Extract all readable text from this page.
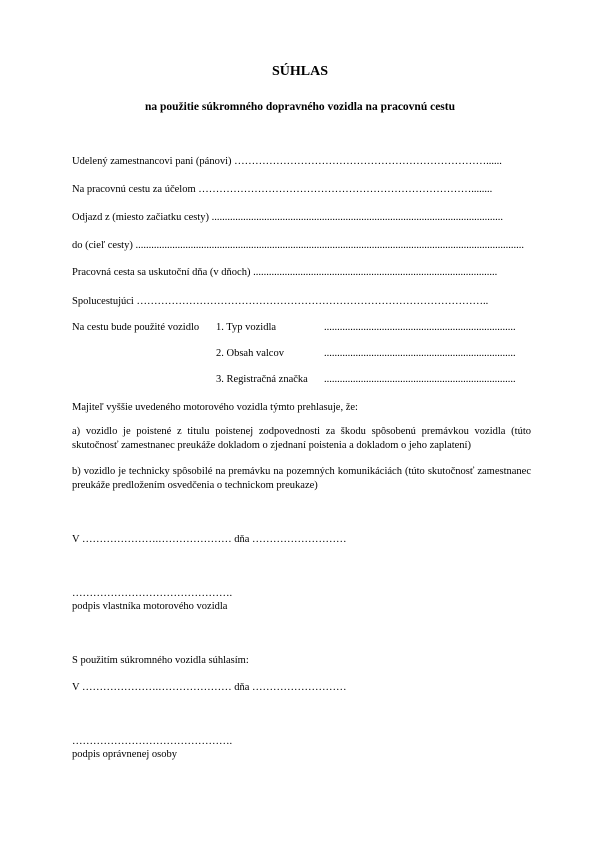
SÚHLAS
na použitie súkromného dopravného vozidla na pracovnú cestu
Udelený zamestnancovi pani (pánovi) ………………………………………………………………......
Na pracovnú cestu za účelom ……………………………………………………………………........
Odjazd z (miesto začiatku cesty) ...............................................................................................................
do (cieľ cesty) ....................................................................................................................................................
Pracovná cesta sa uskutoční dňa (v dňoch) .............................................................................................
Spolucestujúci ………………………………………………………………………………………..
Na cestu bude použité vozidlo 1. Typ vozidla	.........................................................................
2. Obsah valcov	.........................................................................
3. Registračná značka .........................................................................
Majiteľ vyššie uvedeného motorového vozidla týmto prehlasuje, že:
a) vozidlo je poistené z titulu poistenej zodpovednosti za škodu spôsobenú premávkou vozidla (túto skutočnosť zamestnanec preukáže dokladom o zjednaní poistenia a dokladom o jeho zaplatení)
b) vozidlo je technicky spôsobilé na premávku na pozemných komunikáciách (túto skutočnosť zamestnanec preukáže predložením osvedčenia o technickom preukaze)
V ………………….………………… dňa ………………………
……………………………………….
podpis vlastníka motorového vozidla
S použitím súkromného vozidla súhlasím:
V ………………….………………… dňa ………………………
……………………………………….
podpis oprávnenej osoby
